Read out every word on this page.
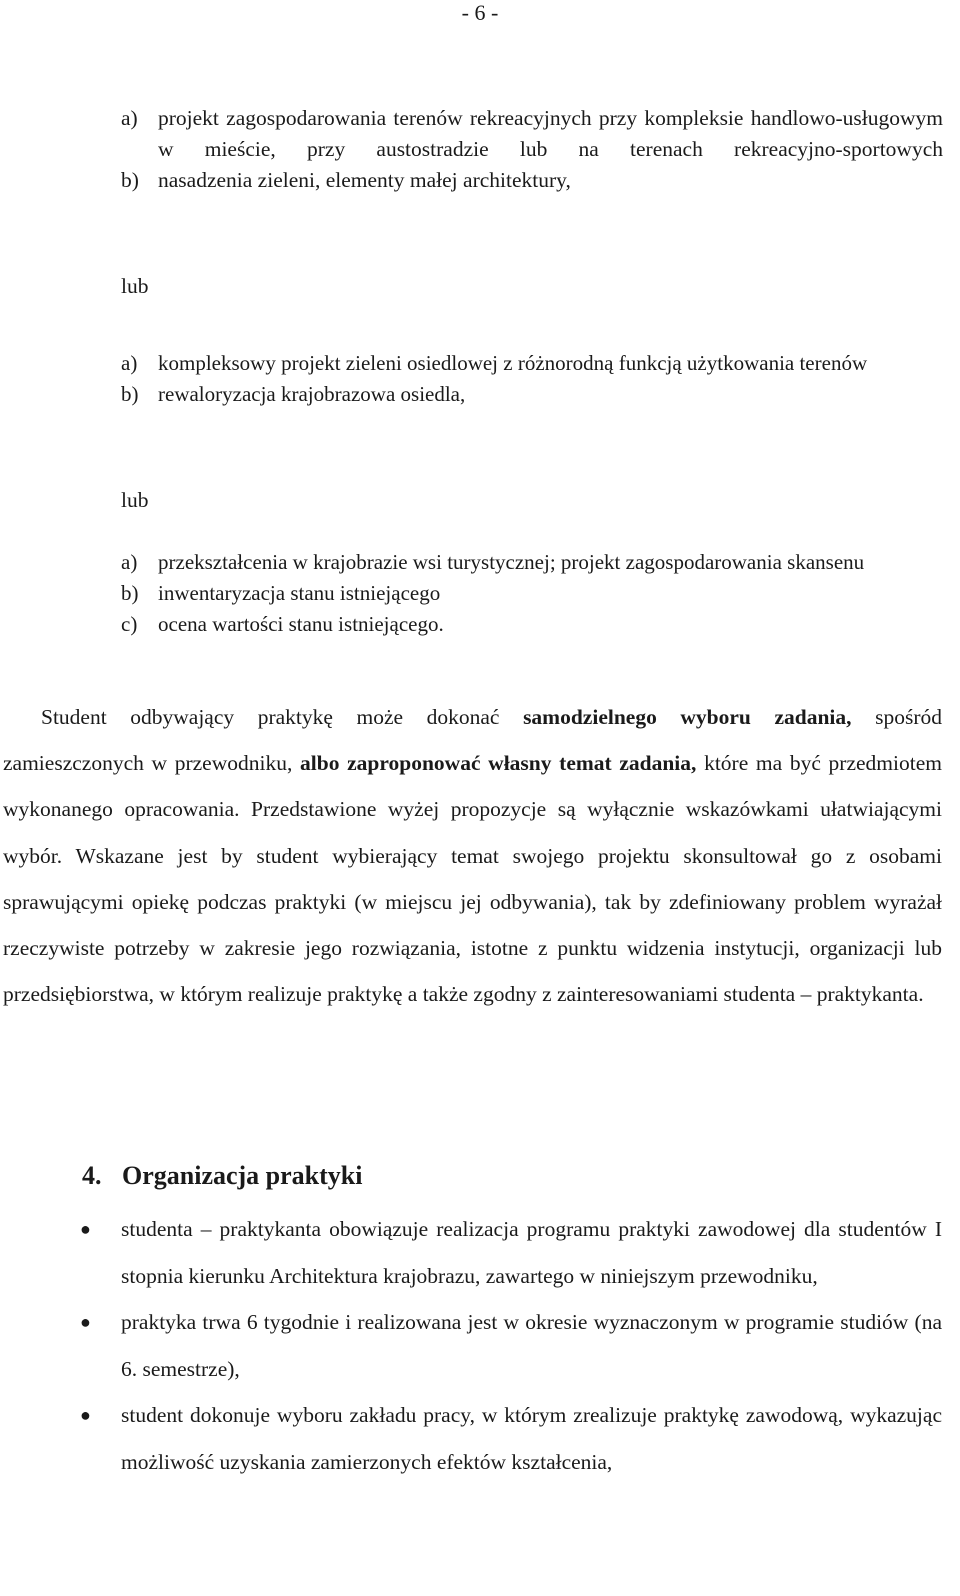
- 6 -
a) projekt zagospodarowania terenów rekreacyjnych przy kompleksie handlowo-usługowym w mieście, przy austostradzie lub na terenach rekreacyjno-sportowych
b) nasadzenia zieleni, elementy małej architektury,
lub
a) kompleksowy projekt zieleni osiedlowej z różnorodną funkcją użytkowania terenów
b) rewaloryzacja krajobrazowa osiedla,
lub
a) przekształcenia w krajobrazie wsi turystycznej; projekt zagospodarowania skansenu
b) inwentaryzacja stanu istniejącego
c) ocena wartości stanu istniejącego.

Student odbywający praktykę może dokonać samodzielnego wyboru zadania, spośród zamieszczonych w przewodniku, albo zaproponować własny temat zadania, które ma być przedmiotem wykonanego opracowania. Przedstawione wyżej propozycje są wyłącznie wskazówkami ułatwiającymi wybór. Wskazane jest by student wybierający temat swojego projektu skonsultował go z osobami sprawującymi opiekę podczas praktyki (w miejscu jej odbywania), tak by zdefiniowany problem wyrażał rzeczywiste potrzeby w zakresie jego rozwiązania, istotne z punktu widzenia instytucji, organizacji lub przedsiębiorstwa, w którym realizuje praktykę a także zgodny z zainteresowaniami studenta – praktykanta.

4. Organizacja praktyki
●	studenta – praktykanta obowiązuje realizacja programu praktyki zawodowej dla studentów I stopnia kierunku Architektura krajobrazu, zawartego w niniejszym przewodniku,
●	praktyka trwa 6 tygodnie i realizowana jest w okresie wyznaczonym w programie studiów (na 6. semestrze),
●	student dokonuje wyboru zakładu pracy, w którym zrealizuje praktykę zawodową, wykazując możliwość uzyskania zamierzonych efektów kształcenia,
